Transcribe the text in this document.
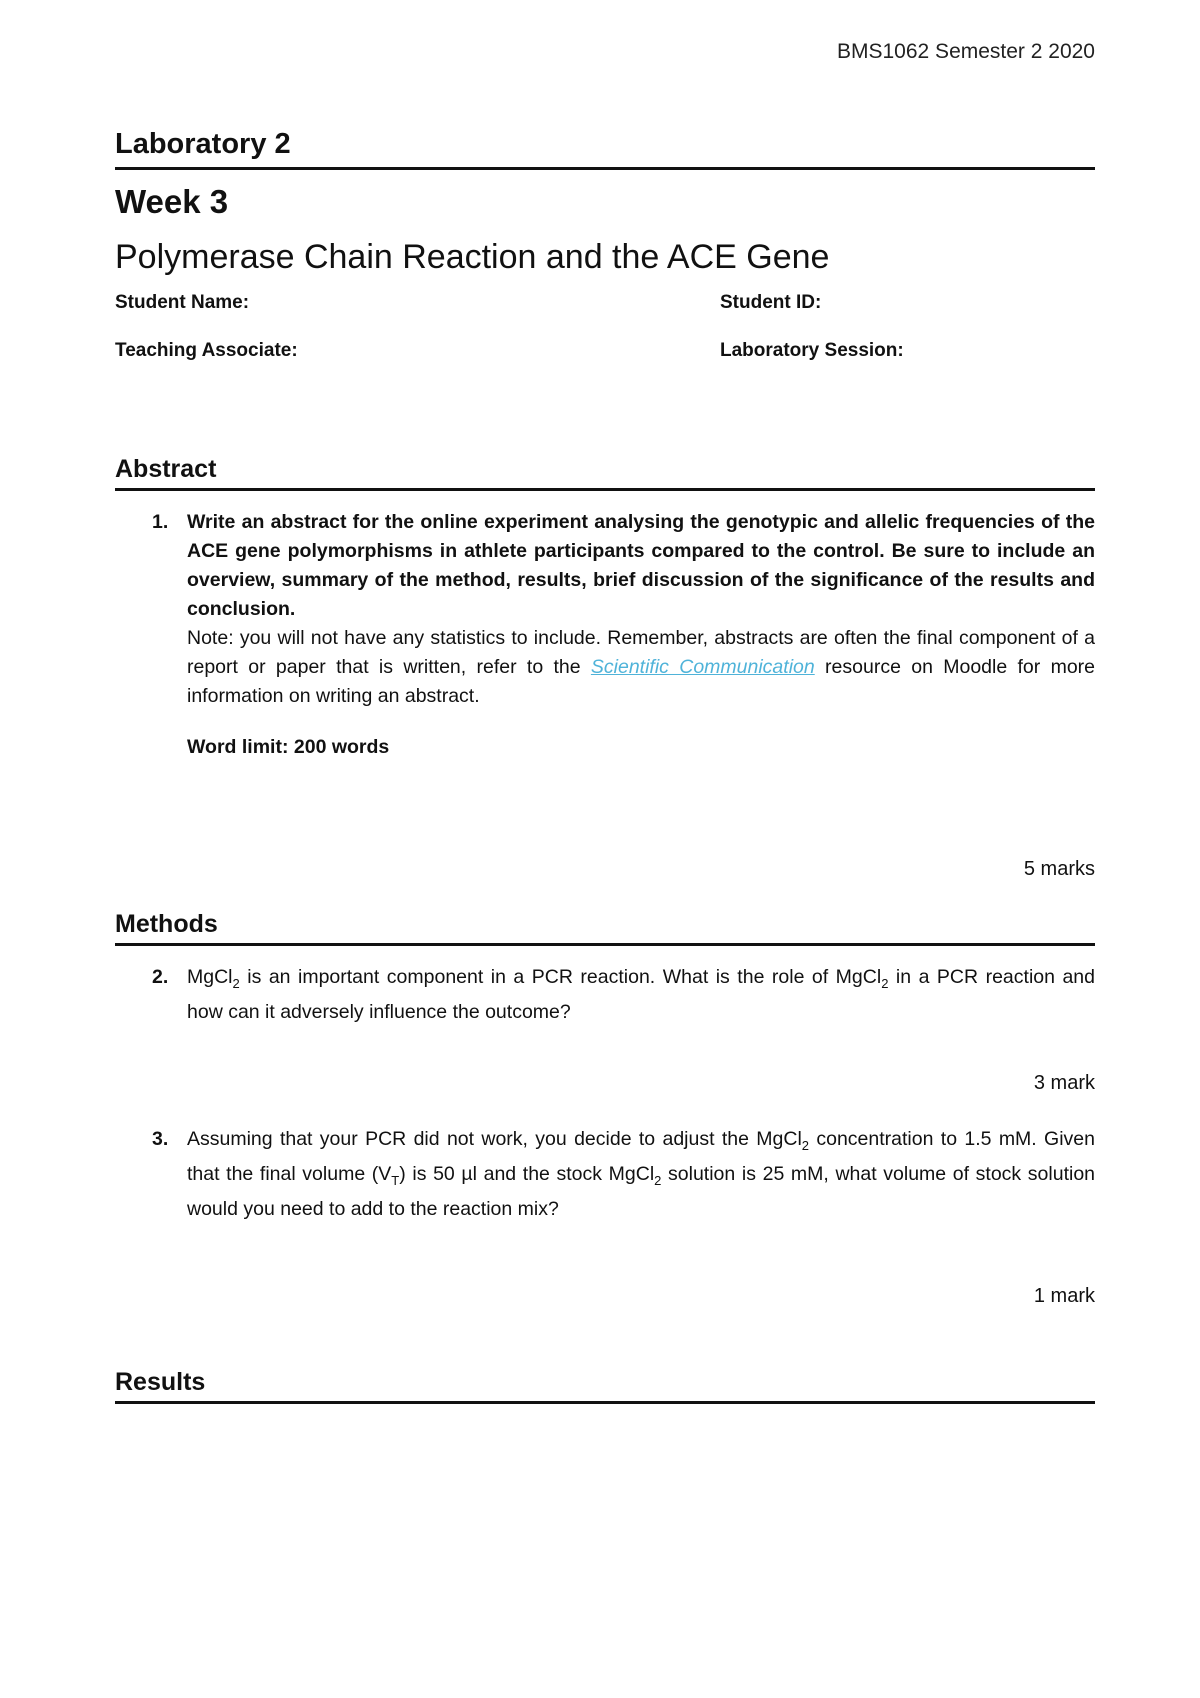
BMS1062 Semester 2 2020
Laboratory 2
Week 3
Polymerase Chain Reaction and the ACE Gene
Student Name:	Student ID:
Teaching Associate:	Laboratory Session:
Abstract
1. Write an abstract for the online experiment analysing the genotypic and allelic frequencies of the ACE gene polymorphisms in athlete participants compared to the control. Be sure to include an overview, summary of the method, results, brief discussion of the significance of the results and conclusion.
Note: you will not have any statistics to include. Remember, abstracts are often the final component of a report or paper that is written, refer to the Scientific Communication resource on Moodle for more information on writing an abstract.
Word limit: 200 words
5 marks
Methods
2. MgCl$_2$ is an important component in a PCR reaction. What is the role of MgCl$_2$ in a PCR reaction and how can it adversely influence the outcome?
3 mark
3. Assuming that your PCR did not work, you decide to adjust the MgCl$_2$ concentration to 1.5 mM. Given that the final volume $(V_T)$ is 50 µl and the stock MgCl$_2$ solution is 25 mM, what volume of stock solution would you need to add to the reaction mix?
1 mark
Results
